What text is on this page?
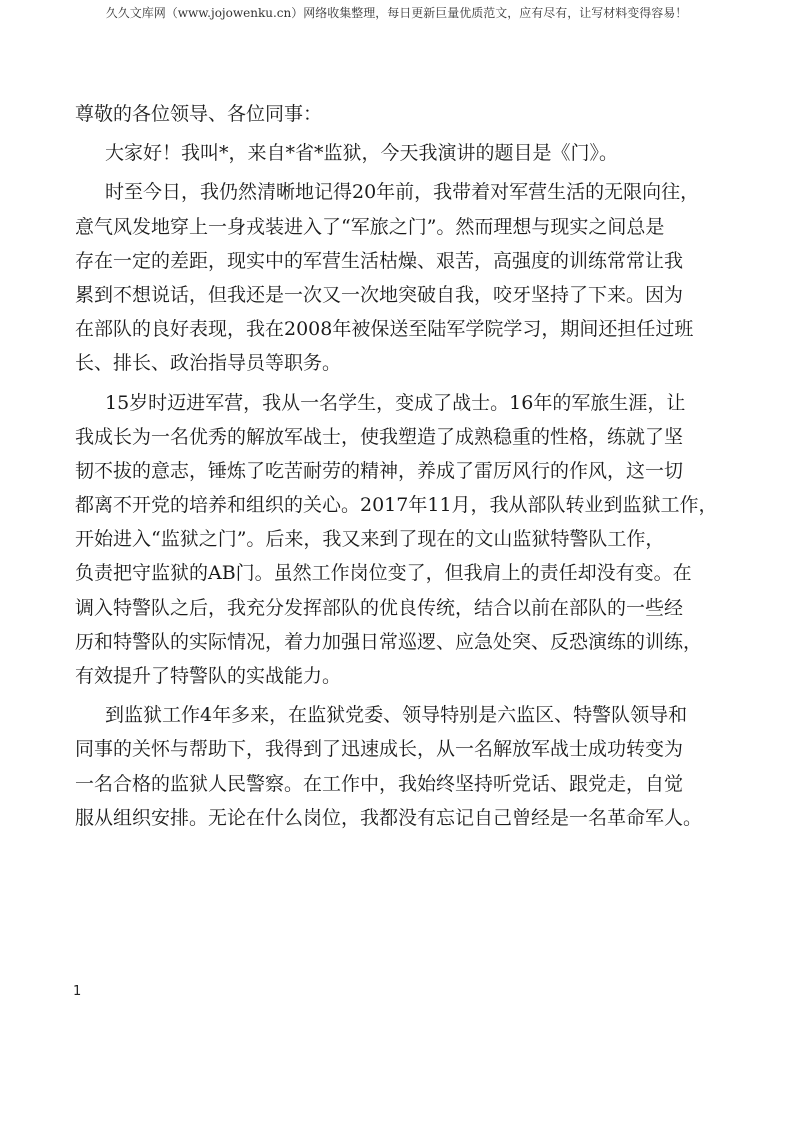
久久文库网（www.jojowenku.cn）网络收集整理，每日更新巨量优质范文，应有尽有，让写材料变得容易！
尊敬的各位领导、各位同事：
大家好！我叫*，来自*省*监狱，今天我演讲的题目是《门》。
时至今日，我仍然清晰地记得20年前，我带着对军营生活的无限向往，
意气风发地穿上一身戎装进入了“军旅之门”。然而理想与现实之间总是
存在一定的差距，现实中的军营生活枯燥、艰苦，高强度的训练常常让我
累到不想说话，但我还是一次又一次地突破自我，咬牙坚持了下来。因为
在部队的良好表现，我在2008年被保送至陆军学院学习，期间还担任过班
长、排长、政治指导员等职务。
15岁时迈进军营，我从一名学生，变成了战士。16年的军旅生涯，让
我成长为一名优秀的解放军战士，使我塑造了成熟稳重的性格，练就了坚
韧不拔的意志，锤炼了吃苦耐劳的精神，养成了雷厉风行的作风，这一切
都离不开党的培养和组织的关心。2017年11月，我从部队转业到监狱工作，
开始进入“监狱之门”。后来，我又来到了现在的文山监狱特警队工作，
负责把守监狱的AB门。虽然工作岗位变了，但我肩上的责任却没有变。在
调入特警队之后，我充分发挥部队的优良传统，结合以前在部队的一些经
历和特警队的实际情况，着力加强日常巡逻、应急处突、反恐演练的训练，
有效提升了特警队的实战能力。
到监狱工作4年多来，在监狱党委、领导特别是六监区、特警队领导和
同事的关怀与帮助下，我得到了迅速成长，从一名解放军战士成功转变为
一名合格的监狱人民警察。在工作中，我始终坚持听党话、跟党走，自觉
服从组织安排。无论在什么岗位，我都没有忘记自己曾经是一名革命军人。
1
